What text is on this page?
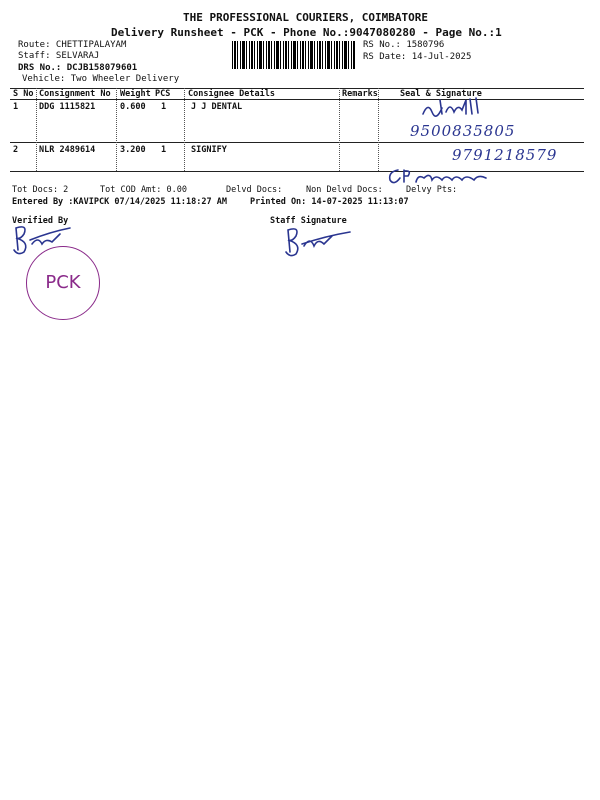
THE PROFESSIONAL COURIERS, COIMBATORE
Delivery Runsheet - PCK - Phone No.:9047080280 - Page No.:1
Route: CHETTIPALAYAM
Staff: SELVARAJ
DRS No.: DCJB158079601
Vehicle: Two Wheeler Delivery
RS No.: 1580796
RS Date: 14-Jul-2025
S No Consignment No Weight PCS Consignee Details	Remarks	Seal & Signature
1 DDG 1115821	0.600 1	J J DENTAL
2 NLR 2489614	3.200 1	SIGNIFY
9500835805
9791218579
Tot Docs: 2	Tot COD Amt: 0.00	Delvd Docs:	Non Delvd Docs:	Delvy Pts:
Entered By :KAVIPCK 07/14/2025 11:18:27 AM	Printed On: 14-07-2025 11:13:07
Verified By	Staff Signature
PCK
